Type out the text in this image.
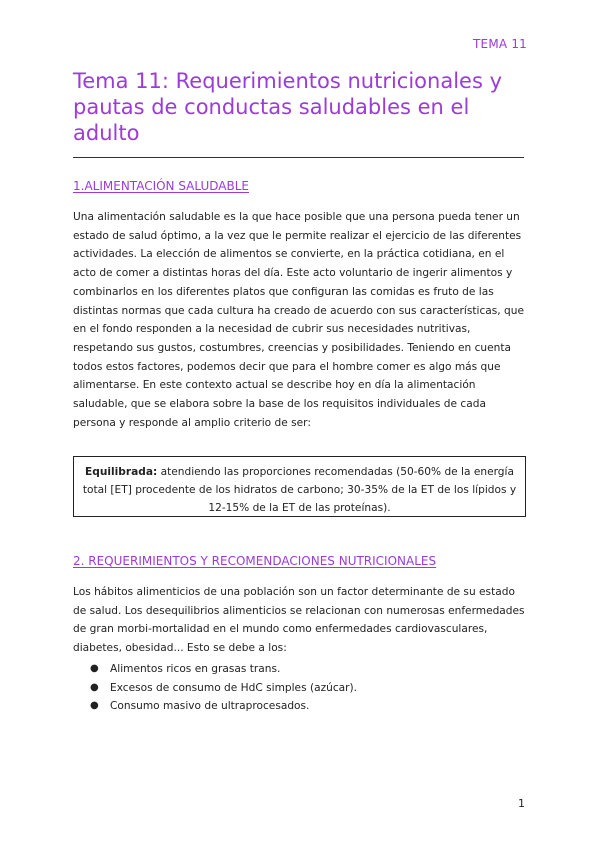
TEMA 11
Tema 11: Requerimientos nutricionales y pautas de conductas saludables en el adulto
1.ALIMENTACIÓN SALUDABLE

Una alimentación saludable es la que hace posible que una persona pueda tener un estado de salud óptimo, a la vez que le permite realizar el ejercicio de las diferentes actividades. La elección de alimentos se convierte, en la práctica cotidiana, en el acto de comer a distintas horas del día. Este acto voluntario de ingerir alimentos y combinarlos en los diferentes platos que configuran las comidas es fruto de las distintas normas que cada cultura ha creado de acuerdo con sus características, que en el fondo responden a la necesidad de cubrir sus necesidades nutritivas, respetando sus gustos, costumbres, creencias y posibilidades. Teniendo en cuenta todos estos factores, podemos decir que para el hombre comer es algo más que alimentarse. En este contexto actual se describe hoy en día la alimentación saludable, que se elabora sobre la base de los requisitos individuales de cada persona y responde al amplio criterio de ser:

Equilibrada: atendiendo las proporciones recomendadas (50-60% de la energía total [ET] procedente de los hidratos de carbono; 30-35% de la ET de los lípidos y 12-15% de la ET de las proteínas).
2. REQUERIMIENTOS Y RECOMENDACIONES NUTRICIONALES

Los hábitos alimenticios de una población son un factor determinante de su estado de salud. Los desequilibrios alimenticios se relacionan con numerosas enfermedades de gran morbi-mortalidad en el mundo como enfermedades cardiovasculares, diabetes, obesidad... Esto se debe a los:

● Alimentos ricos en grasas trans.
● Excesos de consumo de HdC simples (azúcar).
● Consumo masivo de ultraprocesados.
1
